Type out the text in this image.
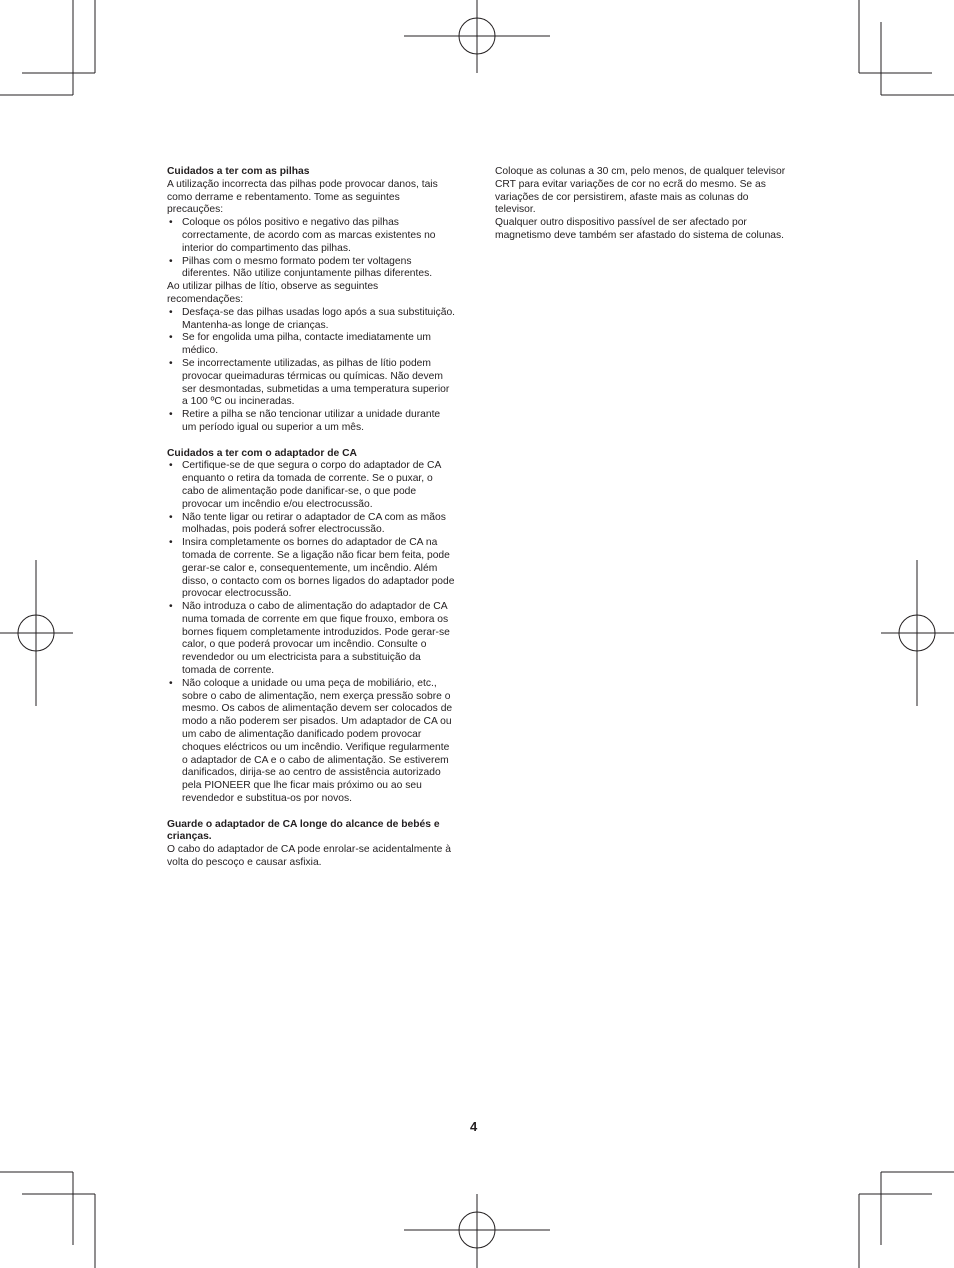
Cuidados a ter com as pilhas

A utilização incorrecta das pilhas pode provocar danos, tais como derrame e rebentamento. Tome as seguintes precauções:

• Coloque os pólos positivo e negativo das pilhas correctamente, de acordo com as marcas existentes no interior do compartimento das pilhas.
• Pilhas com o mesmo formato podem ter voltagens diferentes. Não utilize conjuntamente pilhas diferentes.

Ao utilizar pilhas de lítio, observe as seguintes recomendações:

• Desfaça-se das pilhas usadas logo após a sua substituição. Mantenha-as longe de crianças.
• Se for engolida uma pilha, contacte imediatamente um médico.
• Se incorrectamente utilizadas, as pilhas de lítio podem provocar queimaduras térmicas ou químicas. Não devem ser desmontadas, submetidas a uma temperatura superior a 100 ºC ou incineradas.
• Retire a pilha se não tencionar utilizar a unidade durante um período igual ou superior a um mês.
Cuidados a ter com o adaptador de CA
• Certifique-se de que segura o corpo do adaptador de CA enquanto o retira da tomada de corrente. Se o puxar, o cabo de alimentação pode danificar-se, o que pode provocar um incêndio e/ou electrocussão.
• Não tente ligar ou retirar o adaptador de CA com as mãos molhadas, pois poderá sofrer electrocussão.
• Insira completamente os bornes do adaptador de CA na tomada de corrente. Se a ligação não ficar bem feita, pode gerar-se calor e, consequentemente, um incêndio. Além disso, o contacto com os bornes ligados do adaptador pode provocar electrocussão.
• Não introduza o cabo de alimentação do adaptador de CA numa tomada de corrente em que fique frouxo, embora os bornes fiquem completamente introduzidos. Pode gerar-se calor, o que poderá provocar um incêndio. Consulte o revendedor ou um electricista para a substituição da tomada de corrente.
• Não coloque a unidade ou uma peça de mobiliário, etc., sobre o cabo de alimentação, nem exerça pressão sobre o mesmo. Os cabos de alimentação devem ser colocados de modo a não poderem ser pisados. Um adaptador de CA ou um cabo de alimentação danificado podem provocar choques eléctricos ou um incêndio. Verifique regularmente o adaptador de CA e o cabo de alimentação. Se estiverem danificados, dirija-se ao centro de assistência autorizado pela PIONEER que lhe ficar mais próximo ou ao seu revendedor e substitua-os por novos.
Guarde o adaptador de CA longe do alcance de bebés e crianças.

O cabo do adaptador de CA pode enrolar-se acidentalmente à volta do pescoço e causar asfixia.

Coloque as colunas a 30 cm, pelo menos, de qualquer televisor CRT para evitar variações de cor no ecrã do mesmo. Se as variações de cor persistirem, afaste mais as colunas do televisor.

Qualquer outro dispositivo passível de ser afectado por magnetismo deve também ser afastado do sistema de colunas.

4
